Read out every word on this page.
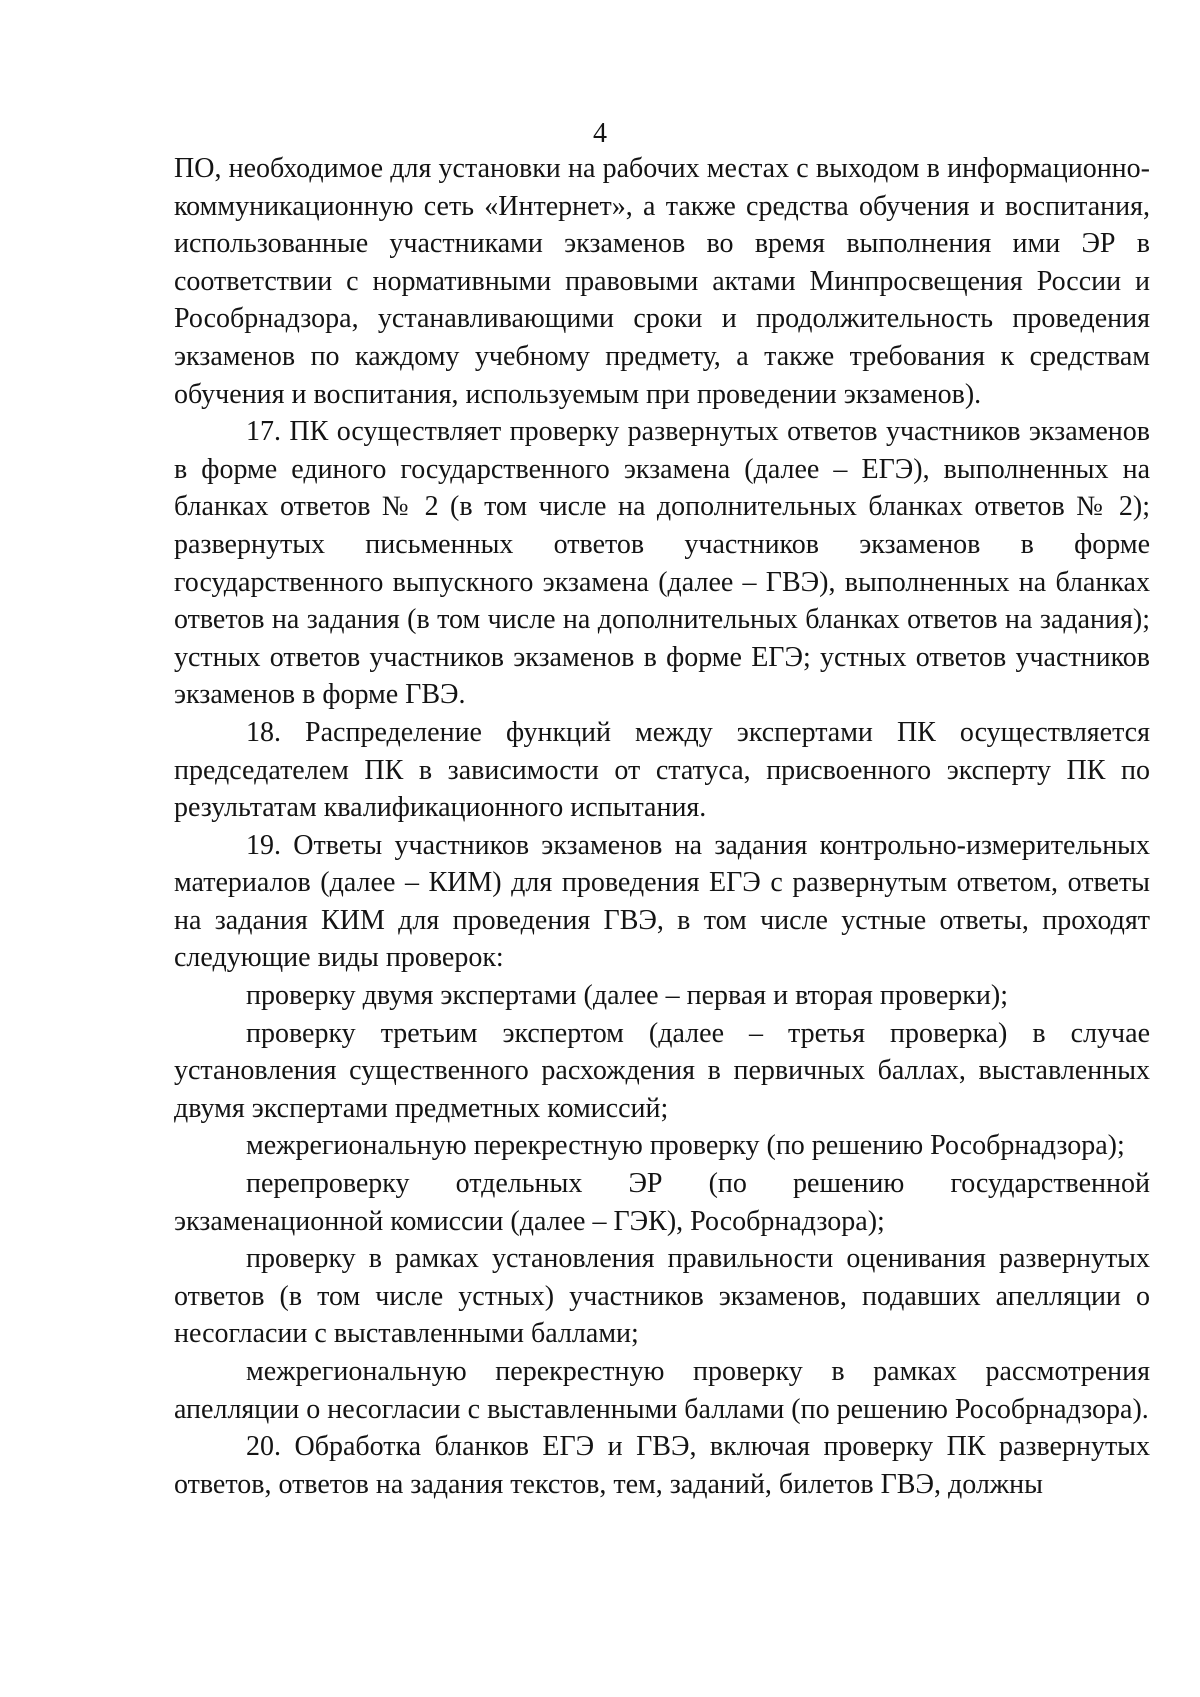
4

ПО, необходимое для установки на рабочих местах с выходом в информационно-коммуникационную сеть «Интернет», а также средства обучения и воспитания, использованные участниками экзаменов во время выполнения ими ЭР в соответствии с нормативными правовыми актами Минпросвещения России и Рособрнадзора, устанавливающими сроки и продолжительность проведения экзаменов по каждому учебному предмету, а также требования к средствам обучения и воспитания, используемым при проведении экзаменов).

17. ПК осуществляет проверку развернутых ответов участников экзаменов в форме единого государственного экзамена (далее – ЕГЭ), выполненных на бланках ответов № 2 (в том числе на дополнительных бланках ответов № 2); развернутых письменных ответов участников экзаменов в форме государственного выпускного экзамена (далее – ГВЭ), выполненных на бланках ответов на задания (в том числе на дополнительных бланках ответов на задания); устных ответов участников экзаменов в форме ЕГЭ; устных ответов участников экзаменов в форме ГВЭ.

18. Распределение функций между экспертами ПК осуществляется председателем ПК в зависимости от статуса, присвоенного эксперту ПК по результатам квалификационного испытания.

19. Ответы участников экзаменов на задания контрольно-измерительных материалов (далее – КИМ) для проведения ЕГЭ с развернутым ответом, ответы на задания КИМ для проведения ГВЭ, в том числе устные ответы, проходят следующие виды проверок:

проверку двумя экспертами (далее – первая и вторая проверки);

проверку третьим экспертом (далее – третья проверка) в случае установления существенного расхождения в первичных баллах, выставленных двумя экспертами предметных комиссий;

межрегиональную перекрестную проверку (по решению Рособрнадзора);

перепроверку отдельных ЭР (по решению государственной экзаменационной комиссии (далее – ГЭК), Рособрнадзора);

проверку в рамках установления правильности оценивания развернутых ответов (в том числе устных) участников экзаменов, подавших апелляции о несогласии с выставленными баллами;

межрегиональную перекрестную проверку в рамках рассмотрения апелляции о несогласии с выставленными баллами (по решению Рособрнадзора).

20. Обработка бланков ЕГЭ и ГВЭ, включая проверку ПК развернутых ответов, ответов на задания текстов, тем, заданий, билетов ГВЭ, должны
